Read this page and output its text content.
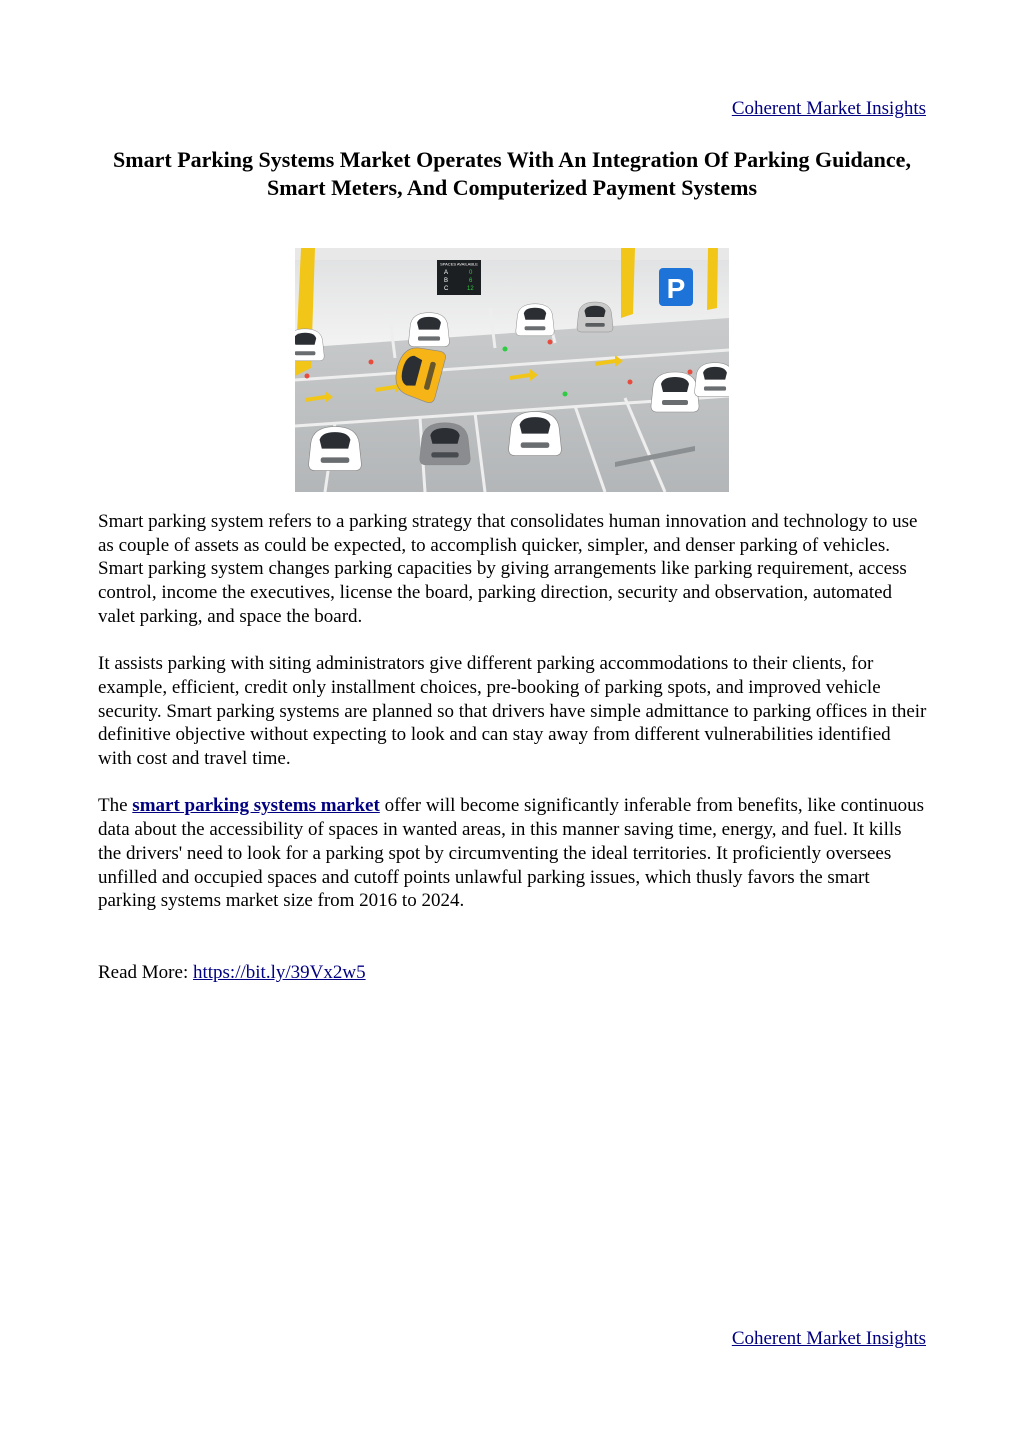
Coherent Market Insights
Smart Parking Systems Market Operates With An Integration Of Parking Guidance, Smart Meters, And Computerized Payment Systems
P
SPACES AVAILABLE
A	0
B	6
C	12

Smart parking system refers to a parking strategy that consolidates human innovation and technology to use as couple of assets as could be expected, to accomplish quicker, simpler, and denser parking of vehicles. Smart parking system changes parking capacities by giving arrangements like parking requirement, access control, income the executives, license the board, parking direction, security and observation, automated valet parking, and space the board.

It assists parking with siting administrators give different parking accommodations to their clients, for example, efficient, credit only installment choices, pre-booking of parking spots, and improved vehicle security. Smart parking systems are planned so that drivers have simple admittance to parking offices in their definitive objective without expecting to look and can stay away from different vulnerabilities identified with cost and travel time.

The smart parking systems market offer will become significantly inferable from benefits, like continuous data about the accessibility of spaces in wanted areas, in this manner saving time, energy, and fuel. It kills the drivers' need to look for a parking spot by circumventing the ideal territories. It proficiently oversees unfilled and occupied spaces and cutoff points unlawful parking issues, which thusly favors the smart parking systems market size from 2016 to 2024.

Read More: https://bit.ly/39Vx2w5

Coherent Market Insights
